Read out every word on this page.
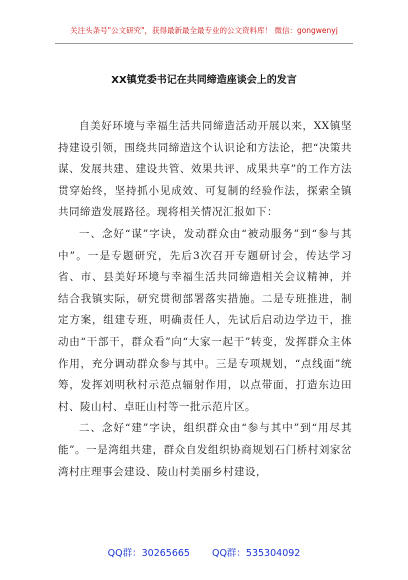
关注头条号"公文研究"，获得最新最全最专业的公文资料库！ 微信：gongwenyj
XX镇党委书记在共同缔造座谈会上的发言

自美好环境与幸福生活共同缔造活动开展以来，XX镇坚持建设引领，围绕共同缔造这个认识论和方法论，把“决策共谋、发展共建、建设共管、效果共评、成果共享”的工作方法贯穿始终，坚持抓小见成效、可复制的经验作法，探索全镇共同缔造发展路径。现将相关情况汇报如下：

一、念好“谋”字诀，发动群众由“被动服务”到“参与其中”。一是专题研究，先后3次召开专题研讨会，传达学习省、市、县美好环境与幸福生活共同缔造相关会议精神，并结合我镇实际，研究贯彻部署落实措施。二是专班推进，制定方案，组建专班，明确责任人，先试后启动边学边干，推动由“干部干，群众看”向“大家一起干”转变，发挥群众主体作用，充分调动群众参与其中。三是专项规划，“点线面”统筹，发挥刘明秋村示范点辐射作用，以点带面，打造东边田村、陵山村、卓旺山村等一批示范片区。

二、念好“建”字诀，组织群众由“参与其中”到“用尽其能”。一是湾组共建，群众自发组织协商规划石门桥村刘家岔湾村庄理事会建设、陵山村美丽乡村建设，

QQ群：30265665 QQ群：535304092
